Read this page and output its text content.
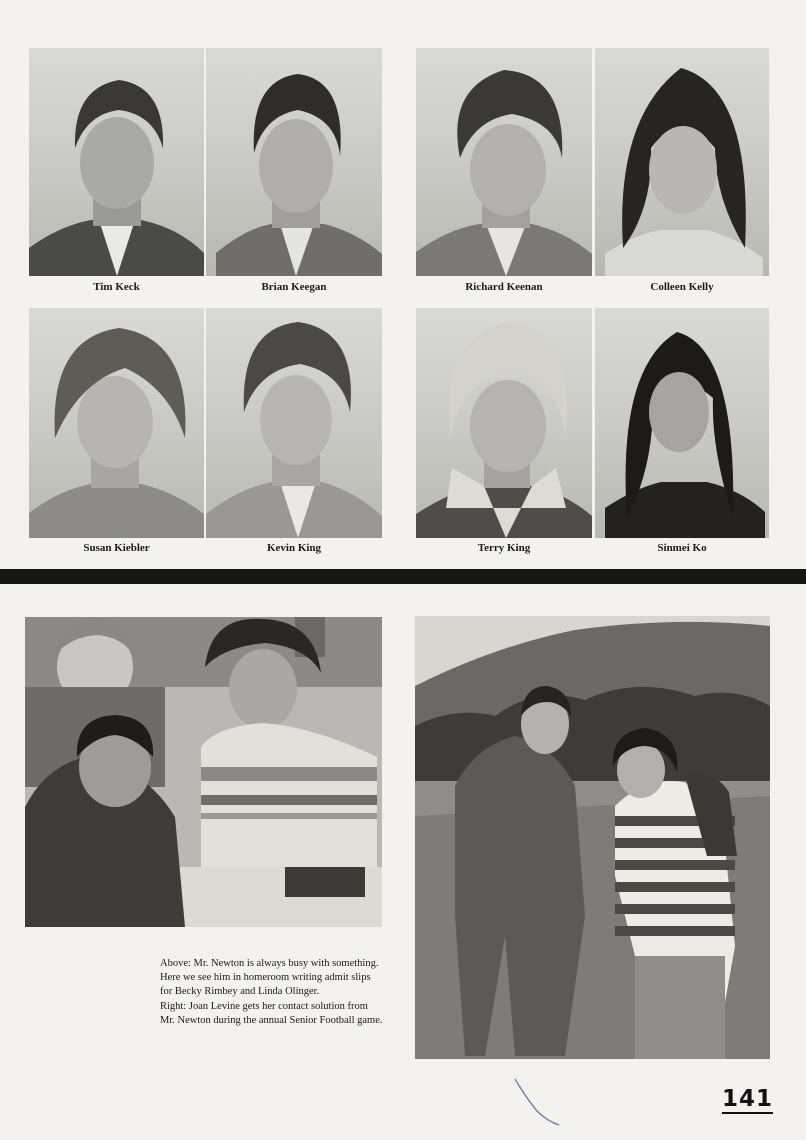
Tim Keck	Brian Keegan	Richard Keenan	Colleen Kelly
Susan Kiebler	Kevin King	Terry King	Sinmei Ko

Above: Mr. Newton is always busy with something. Here we see him in homeroom writing admit slips for Becky Rimbey and Linda Olinger.

Right: Joan Levine gets her contact solution from Mr. Newton during the annual Senior Football game.

141
